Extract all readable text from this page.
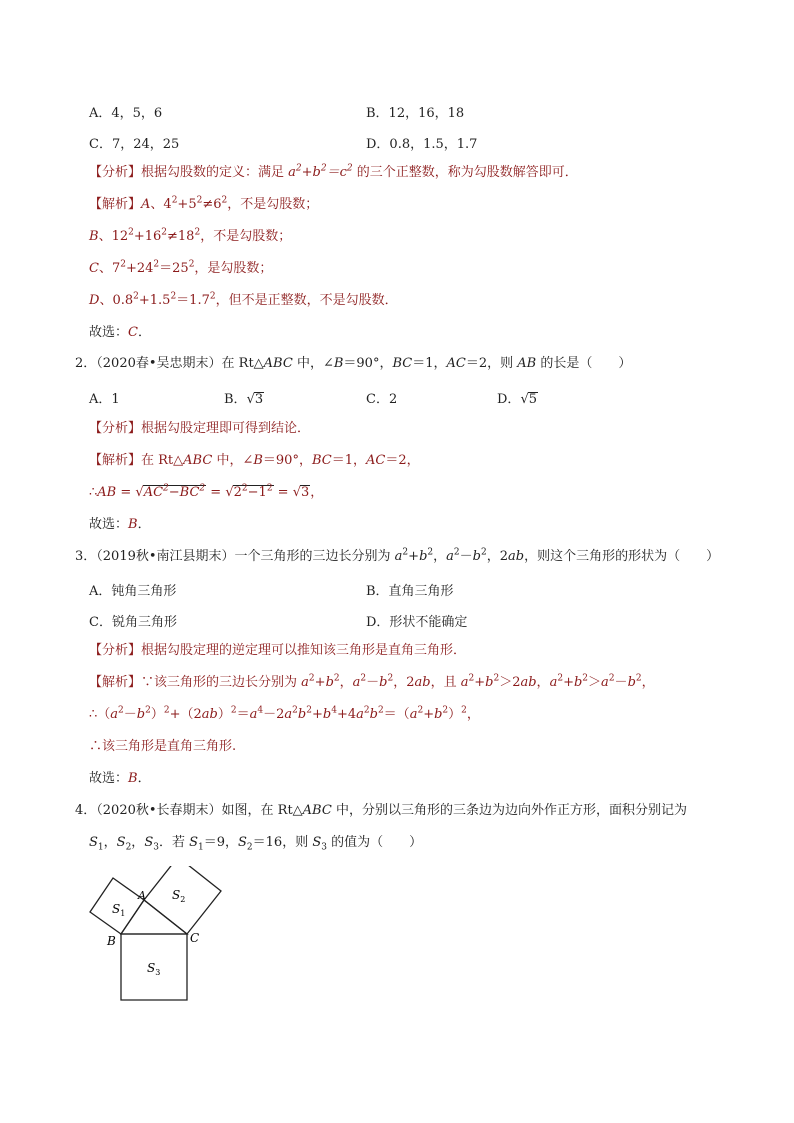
A．4，5，6	B．12，16，18
C．7，24，25	D．0.8，1.5，1.7
【分析】根据勾股数的定义：满足 $a^2+b^2=c^2$ 的三个正整数，称为勾股数解答即可．
【解析】A、$4^2+5^2\ne 6^2$，不是勾股数；
B、$12^2+16^2\ne 18^2$，不是勾股数；
C、$7^2+24^2=25^2$，是勾股数；
D、$0.8^2+1.5^2=1.7^2$，但不是正整数，不是勾股数．
故选：C．
2．（2020春•吴忠期末）在 Rt△ABC 中，∠B＝90°，BC＝1，AC＝2，则 AB 的长是（　　）
A．1	B．√3	C．2	D．√5
【分析】根据勾股定理即可得到结论．
【解析】在 Rt△ABC 中，∠B＝90°，BC＝1，AC＝2，
∴AB = $√AC^2-BC^2 = √2^2-1^2 = √3$，
故选：B．
3．（2019秋•南江县期末）一个三角形的三边长分别为 $a^2+b^2$，$a^2-b^2$，2ab，则这个三角形的形状为（　　）
A．钝角三角形	B．直角三角形
C．锐角三角形	D．形状不能确定
【分析】根据勾股定理的逆定理可以推知该三角形是直角三角形．
【解析】∵该三角形的三边长分别为 $a^2+b^2$，$a^2-b^2$，2ab，且 $a^2+b^2>2ab$，$a^2+b^2>a^2-b^2$，
$\therefore(a^2-b^2)^2+(2ab)^2=a^4-2a^2b^2+b^4+4a^2b^2=(a^2+b^2)^2$，
∴该三角形是直角三角形.
故选：B．
4．（2020秋•长春期末）如图，在 Rt△ABC 中，分别以三角形的三条边为边向外作正方形，面积分别记为
$S_1$，$S_2$，$S_3$．若 $S_1=9$，$S_2=16$，则 $S_3$ 的值为（　　）
A
B	C
$S_1$
$S_2$
$S_3$
